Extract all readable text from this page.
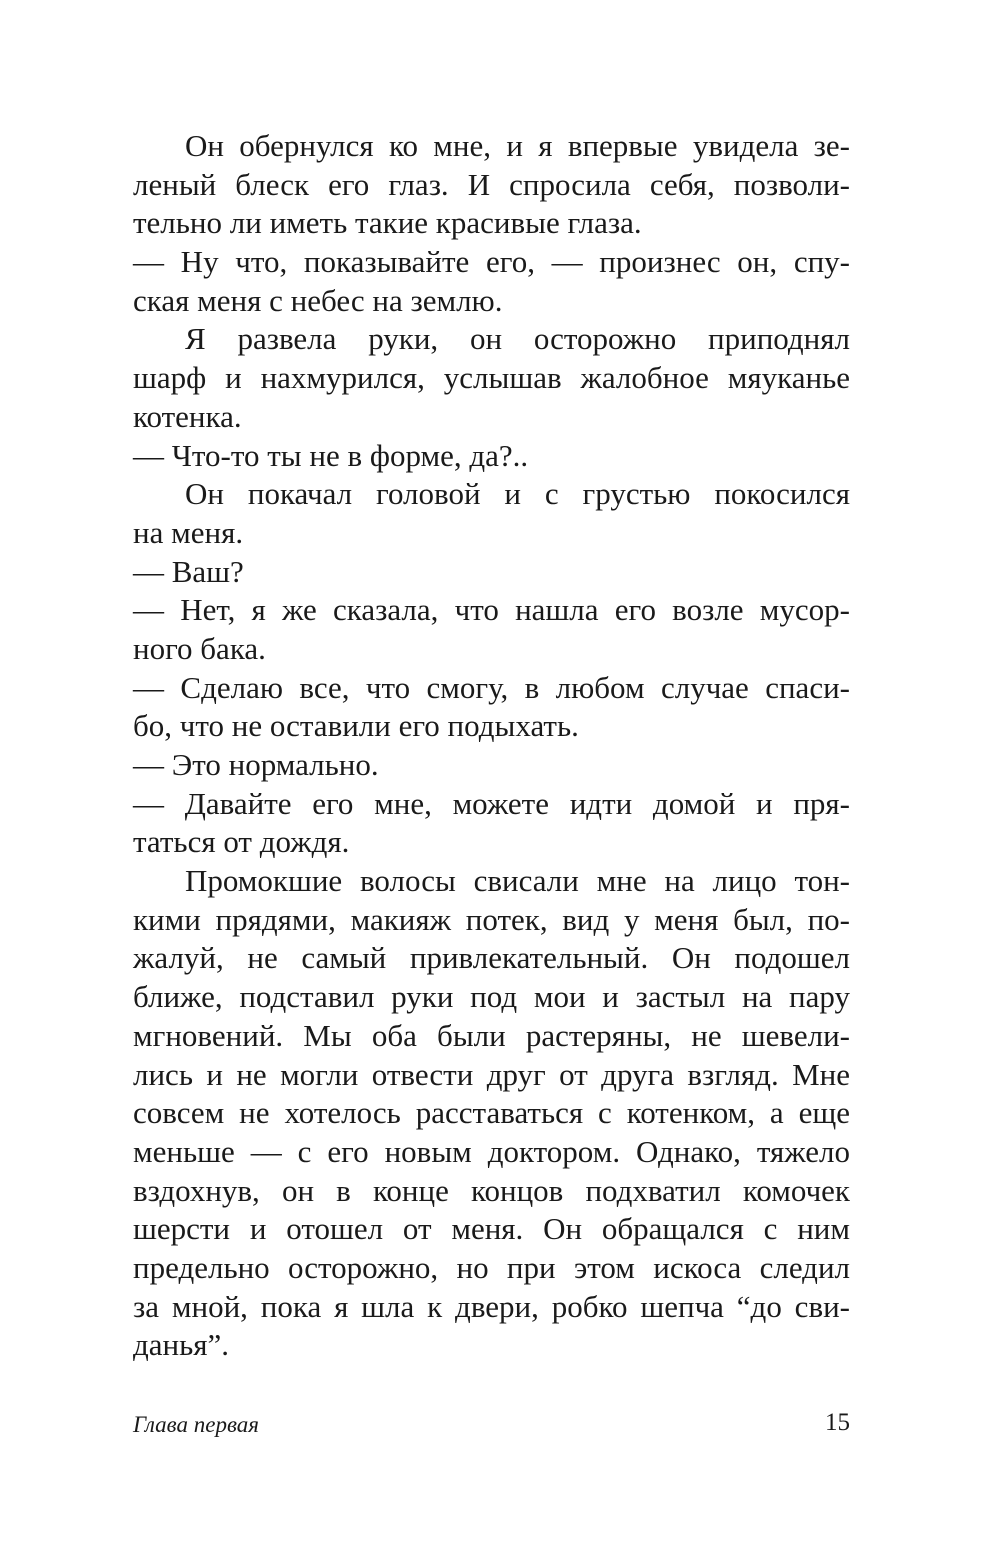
Он обернулся ко мне, и я впервые увидела зе-
леный блеск его глаз. И спросила себя, позволи-
тельно ли иметь такие красивые глаза.
— Ну что, показывайте его, — произнес он, спу-
ская меня с небес на землю.
Я развела руки, он осторожно приподнял
шарф и нахмурился, услышав жалобное мяуканье
котенка.
— Что-то ты не в форме, да?..
Он покачал головой и с грустью покосился
на меня.
— Ваш?
— Нет, я же сказала, что нашла его возле мусор-
ного бака.
— Сделаю все, что смогу, в любом случае спаси-
бо, что не оставили его подыхать.
— Это нормально.
— Давайте его мне, можете идти домой и пря-
таться от дождя.
Промокшие волосы свисали мне на лицо тон-
кими прядями, макияж потек, вид у меня был, по-
жалуй, не самый привлекательный. Он подошел
ближе, подставил руки под мои и застыл на пару
мгновений. Мы оба были растеряны, не шевели-
лись и не могли отвести друг от друга взгляд. Мне
совсем не хотелось расставаться с котенком, а еще
меньше — с его новым доктором. Однако, тяжело
вздохнув, он в конце концов подхватил комочек
шерсти и отошел от меня. Он обращался с ним
предельно осторожно, но при этом искоса следил
за мной, пока я шла к двери, робко шепча “до сви-
данья”.
Глава первая	15
